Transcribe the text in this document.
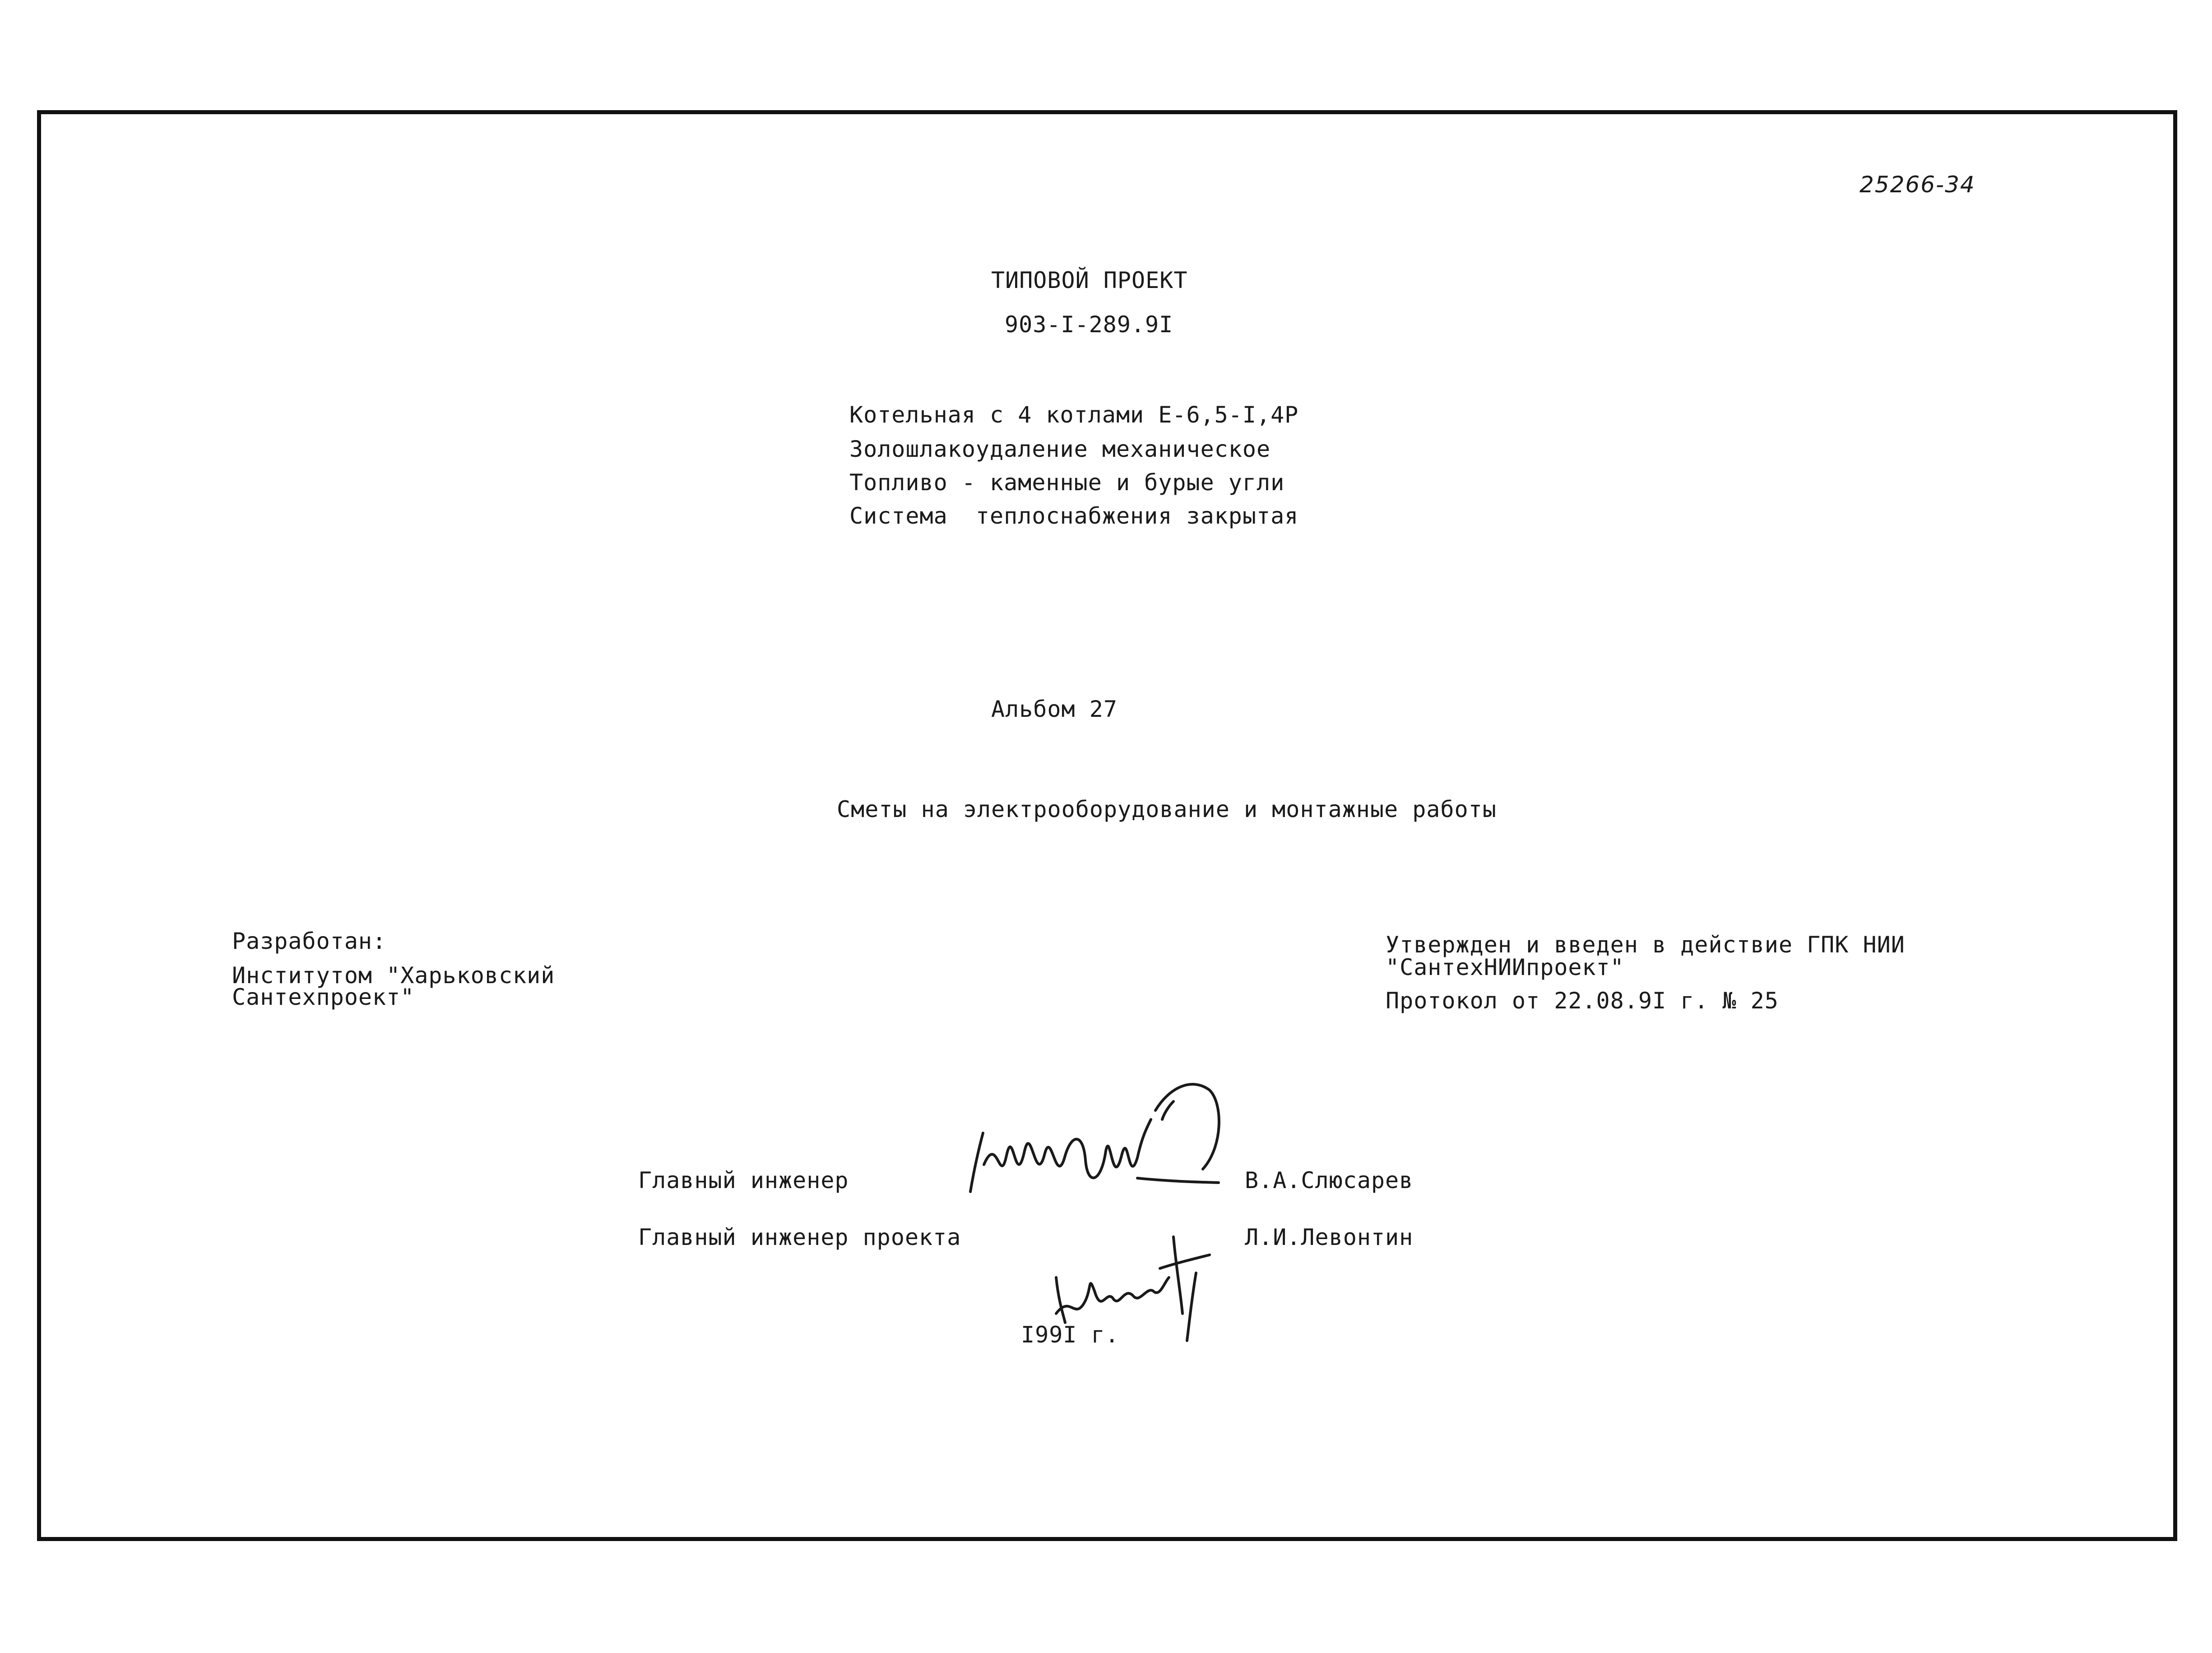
25266-34
ТИПОВОЙ ПРОЕКТ
903-I-289.9I
Котельная с 4 котлами Е-6,5-I,4Р
Золошлакоудаление механическое
Топливо - каменные и бурые угли
Система  теплоснабжения закрытая
Альбом 27
Сметы на электрооборудование и монтажные работы
Разработан:
Институтом "Харьковский
Сантехпроект"
Утвержден и введен в действие ГПК НИИ
"СантехНИИпроект"
Протокол от 22.08.9I г. № 25
Главный инженер	В.А.Слюсарев
Главный инженер проекта	Л.И.Левонтин
I99I г.
